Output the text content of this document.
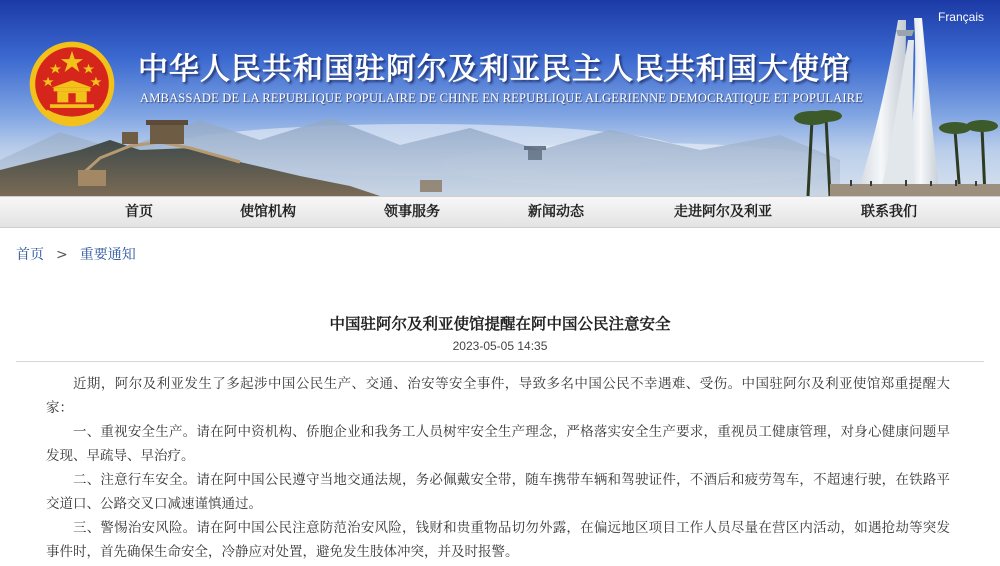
Français
中华人民共和国驻阿尔及利亚民主人民共和国大使馆
AMBASSADE DE LA REPUBLIQUE POPULAIRE DE CHINE EN REPUBLIQUE ALGERIENNE DEMOCRATIQUE ET POPULAIRE
首页	使馆机构	领事服务	新闻动态	走进阿尔及利亚	联系我们
首页 > 重要通知
中国驻阿尔及利亚使馆提醒在阿中国公民注意安全
2023-05-05 14:35

近期，阿尔及利亚发生了多起涉中国公民生产、交通、治安等安全事件，导致多名中国公民不幸遇难、受伤。中国驻阿尔及利亚使馆郑重提醒大家：

一、重视安全生产。请在阿中资机构、侨胞企业和我务工人员树牢安全生产理念，严格落实安全生产要求，重视员工健康管理，对身心健康问题早发现、早疏导、早治疗。

二、注意行车安全。请在阿中国公民遵守当地交通法规，务必佩戴安全带，随车携带车辆和驾驶证件，不酒后和疲劳驾车，不超速行驶，在铁路平交道口、公路交叉口减速谨慎通过。

三、警惕治安风险。请在阿中国公民注意防范治安风险，钱财和贵重物品切勿外露，在偏远地区项目工作人员尽量在营区内活动，如遇抢劫等突发事件时，首先确保生命安全，冷静应对处置，避免发生肢体冲突，并及时报警。
